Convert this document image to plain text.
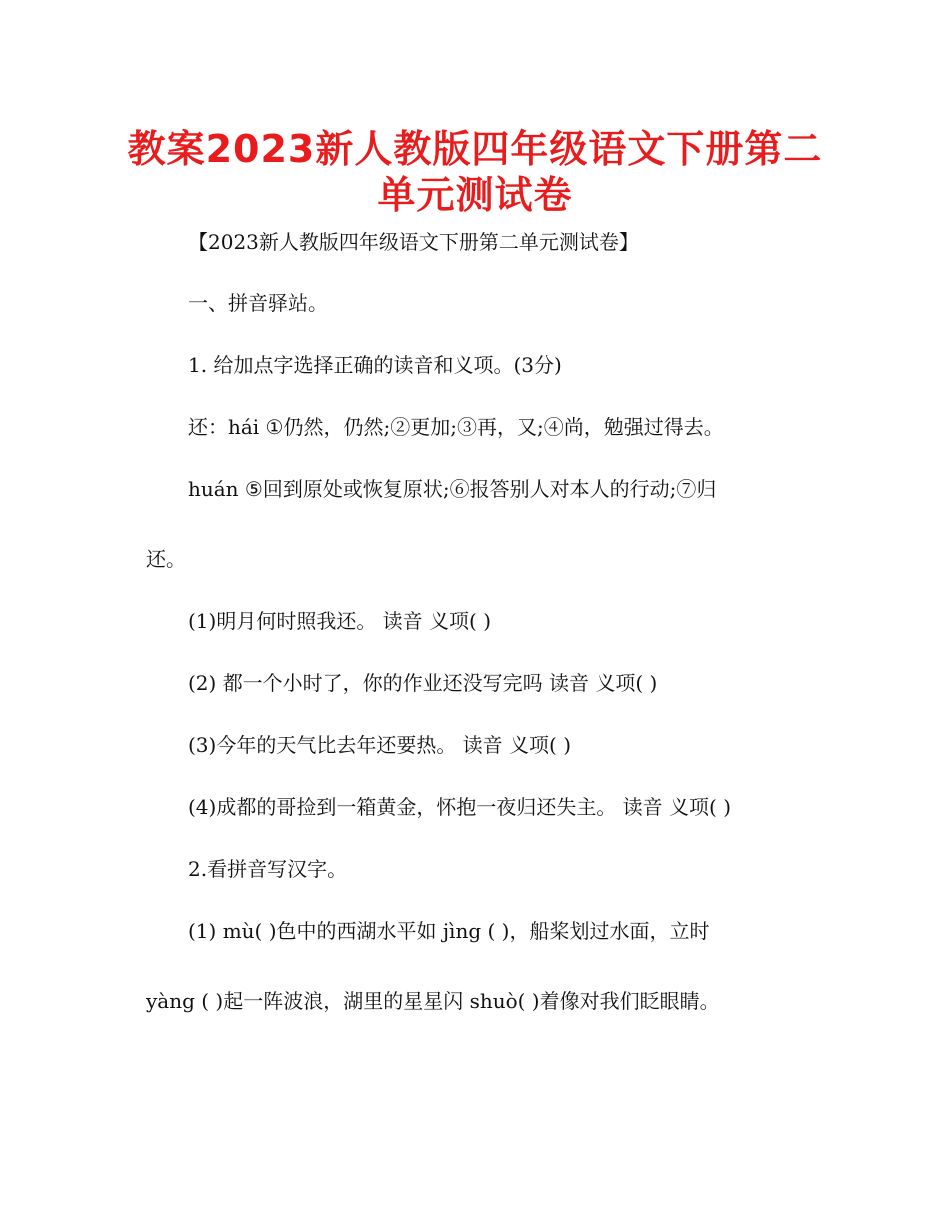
教案2023新人教版四年级语文下册第二
单元测试卷
【2023新人教版四年级语文下册第二单元测试卷】
一、拼音驿站。
1. 给加点字选择正确的读音和义项。(3分)
还：hái ①仍然，仍然;②更加;③再，又;④尚，勉强过得去。
huán ⑤回到原处或恢复原状;⑥报答别人对本人的行动;⑦归
还。
(1)明月何时照我还。 读音 义项( )
(2) 都一个小时了，你的作业还没写完吗 读音 义项( )
(3)今年的天气比去年还要热。 读音 义项( )
(4)成都的哥捡到一箱黄金，怀抱一夜归还失主。 读音 义项( )
2.看拼音写汉字。
(1) mù( )色中的西湖水平如 jìng ( )，船桨划过水面，立时
yàng ( )起一阵波浪，湖里的星星闪 shuò( )着像对我们眨眼睛。
